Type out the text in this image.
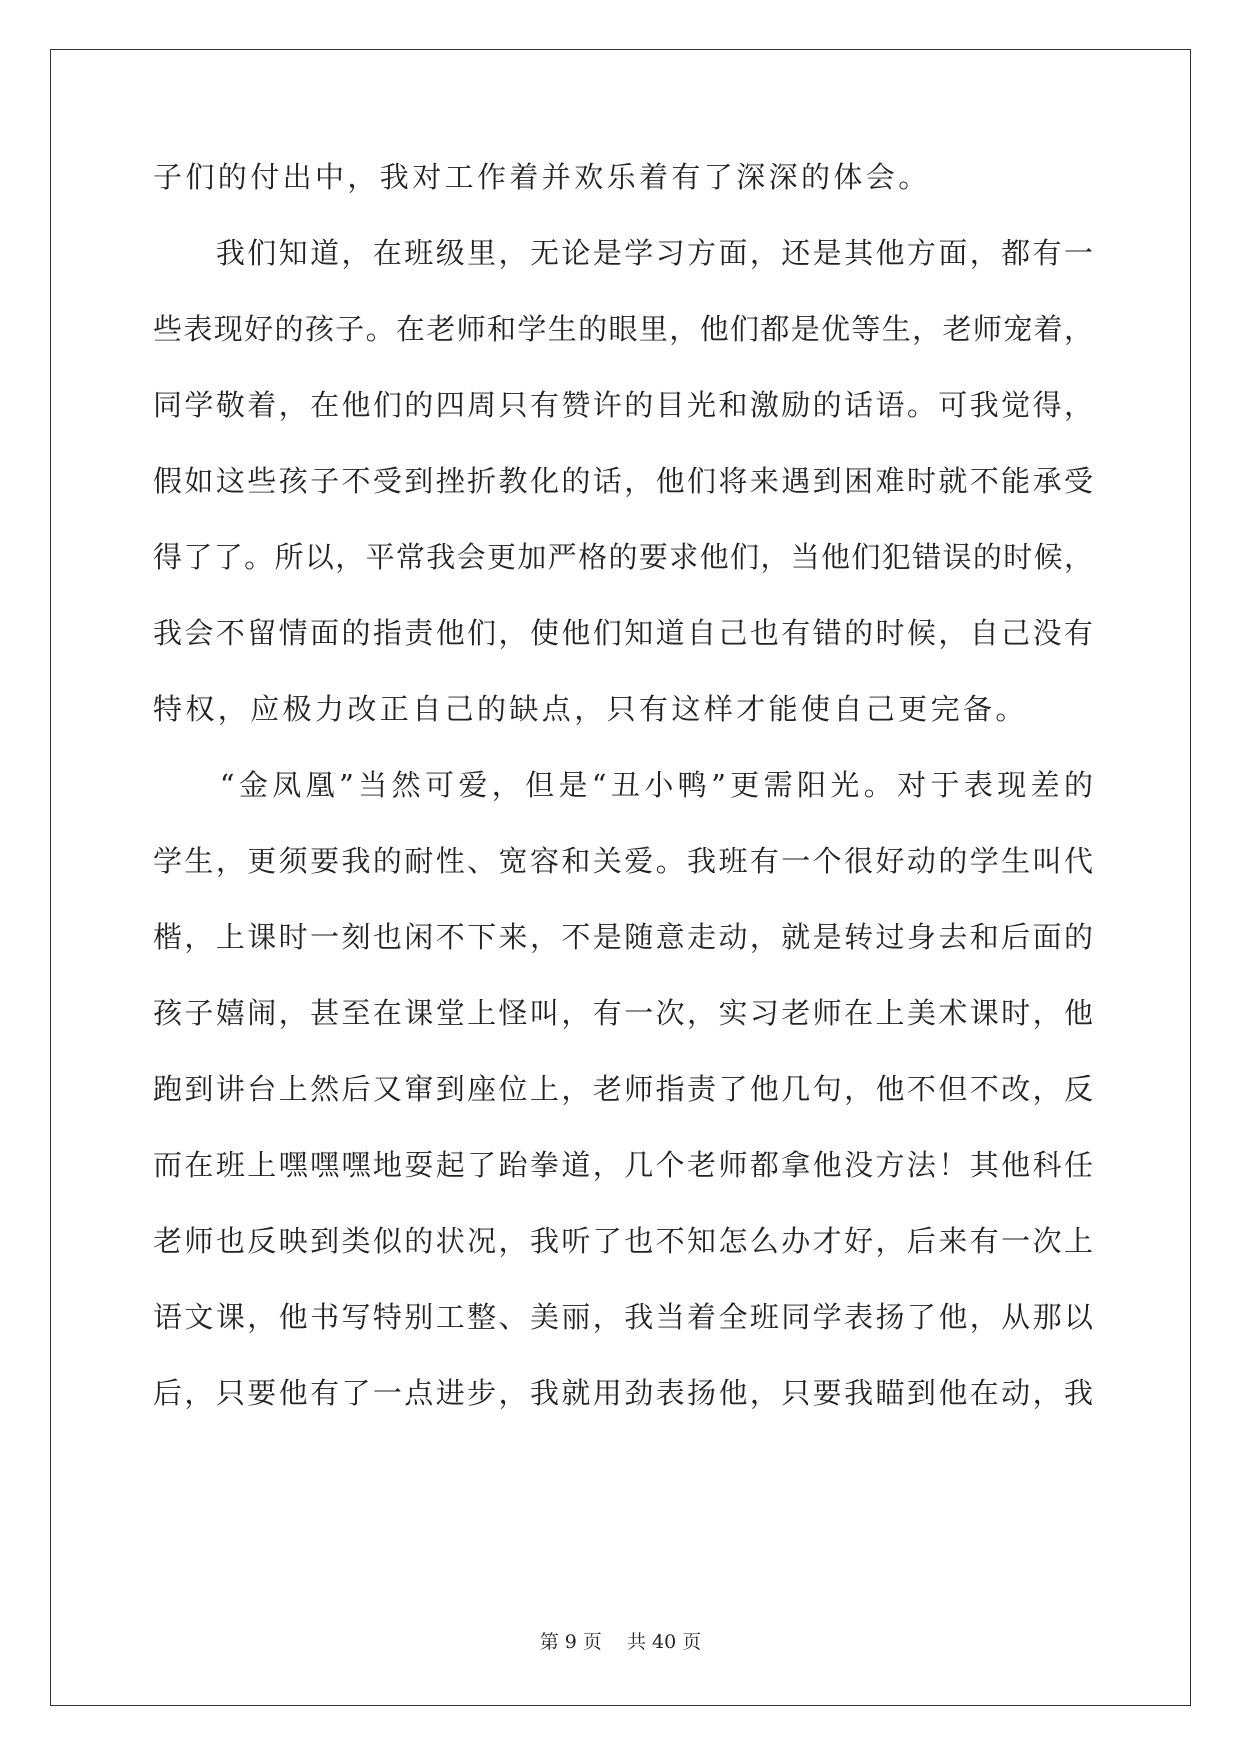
子们的付出中，我对工作着并欢乐着有了深深的体会。
　　我们知道，在班级里，无论是学习方面，还是其他方面，都有一
些表现好的孩子。在老师和学生的眼里，他们都是优等生，老师宠着，
同学敬着，在他们的四周只有赞许的目光和激励的话语。可我觉得，
假如这些孩子不受到挫折教化的话，他们将来遇到困难时就不能承受
得了了。所以，平常我会更加严格的要求他们，当他们犯错误的时候，
我会不留情面的指责他们，使他们知道自己也有错的时候，自己没有
特权，应极力改正自己的缺点，只有这样才能使自己更完备。
　　“金凤凰”当然可爱，但是“丑小鸭”更需阳光。对于表现差的
学生，更须要我的耐性、宽容和关爱。我班有一个很好动的学生叫代
楷，上课时一刻也闲不下来，不是随意走动，就是转过身去和后面的
孩子嬉闹，甚至在课堂上怪叫，有一次，实习老师在上美术课时，他
跑到讲台上然后又窜到座位上，老师指责了他几句，他不但不改，反
而在班上嘿嘿嘿地耍起了跆拳道，几个老师都拿他没方法！其他科任
老师也反映到类似的状况，我听了也不知怎么办才好，后来有一次上
语文课，他书写特别工整、美丽，我当着全班同学表扬了他，从那以
后，只要他有了一点进步，我就用劲表扬他，只要我瞄到他在动，我
第 9 页　 共 40 页
